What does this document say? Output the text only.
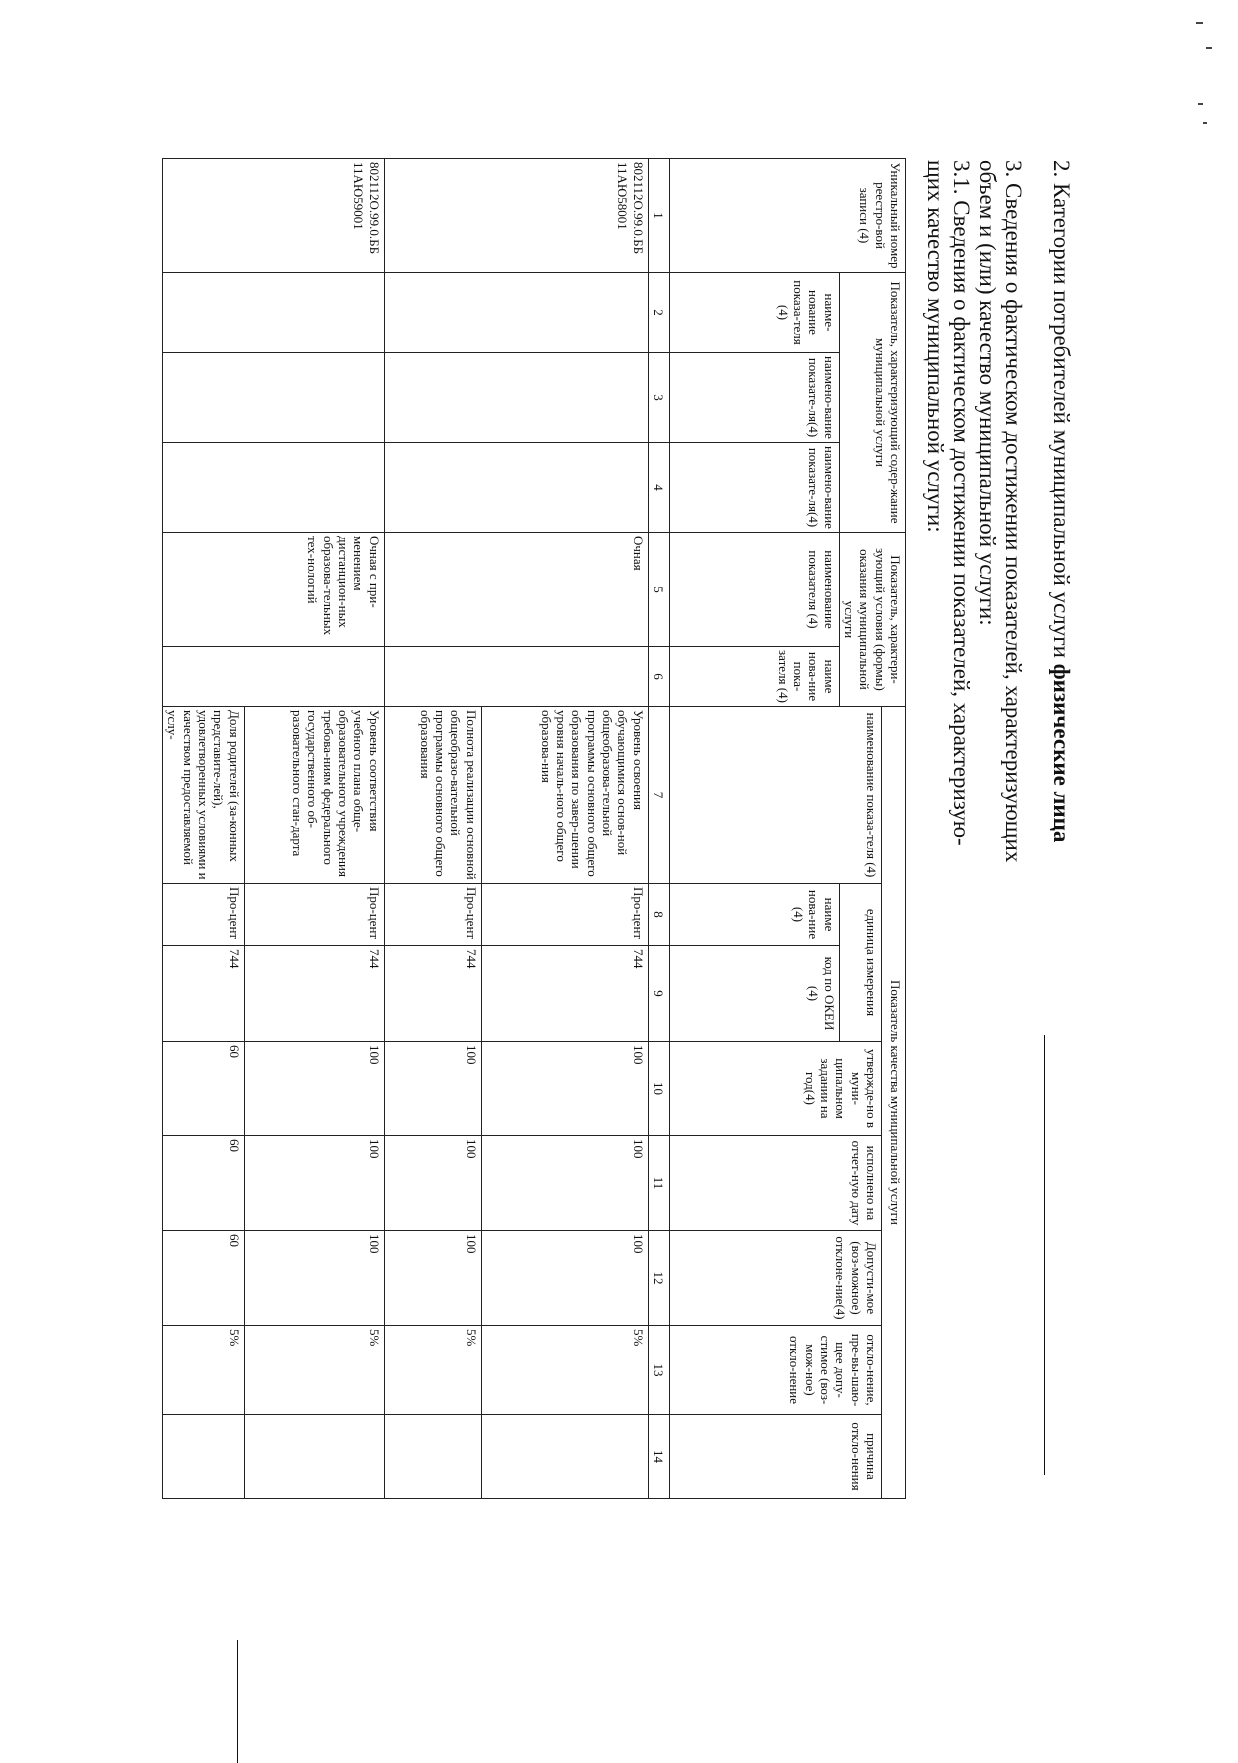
2. Категории потребителей муниципальной услуги физические лица
3. Сведения о фактическом достижении показателей, характеризующих
объем и (или) качество муниципальной услуги:
3.1. Сведения о фактическом достижении показателей, характеризую-
щих качество муниципальной услуги:
Уникальный номер реестро-вой записи (4)	Показатель, характеризующий содер-жание муниципальной услуги			Показатель, характери-зующий условия (формы) оказания муниципальной услуги		Показатель качества муниципальной услуги							
						наименование показа-теля (4)	единица измерения		утвержде-но в муни-ципальном задании на год(4)	исполнено на отчет-ную дату	Допусти-мое (воз-можное) отклоне-ние(4)	откло-нение, пре-вы-шаю-щее допу-стимое (воз-мож-ное) откло-нение	причина отклo-нения
	наиме-нование показа-теля (4)	наимено-вание показате-ля(4)	наимено-вание показате-ля(4)	наименование показателя (4)	наиме нова-ние пока-зателя (4)		наиме нова-ние (4)	код по ОКЕИ (4)					
1	2	3	4	5	6	7	8	9	10	11	12	13	14
802112О.99.0.ББ 11АЮ58001				Очная		Уровень освоения обучающимися основ-ной общеобразова-тельной программы основного общего образования по завер-шении уровня началь-ного общего образова-ния	Про-цент	744	100	100	100	5%	
						Полнота реализации основной общеобразо-вательной программы основного общего образования	Про-цент	744	100	100	100	5%	
802112О.99.0.ББ 11АЮ59001				Очная с при-менением дистанцион-ных образова-тельных тех-нологий		Уровень соответствия учебного плана обще-образовательного учреждения требова-ниям федерального государственного об-разовательного стан-дарта	Про-цент	744	100	100	100	5%	
						Доля родителей (за-конных представите-лей), удовлетворенных условиями и качеством предоставляемой услу-	Про-цент	744	60	60	60	5%	
